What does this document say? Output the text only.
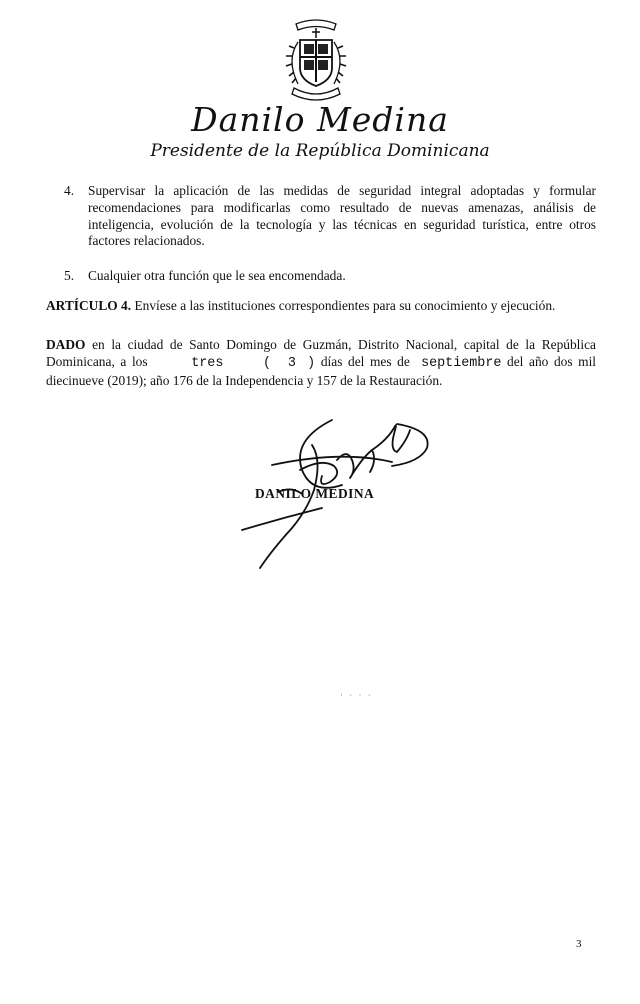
Danilo Medina
Presidente de la República Dominicana
4. Supervisar la aplicación de las medidas de seguridad integral adoptadas y formular recomendaciones para modificarlas como resultado de nuevas amenazas, análisis de inteligencia, evolución de la tecnología y las técnicas en seguridad turística, entre otros factores relacionados.
5. Cualquier otra función que le sea encomendada.
ARTÍCULO 4. Envíese a las instituciones correspondientes para su conocimiento y ejecución.
DADO en la ciudad de Santo Domingo de Guzmán, Distrito Nacional, capital de la República Dominicana, a los	tres	( 3 ) días del mes de septiembre del año dos mil diecinueve (2019); año 176 de la Independencia y 157 de la Restauración.
DANILO MEDINA
· · · ·
3
